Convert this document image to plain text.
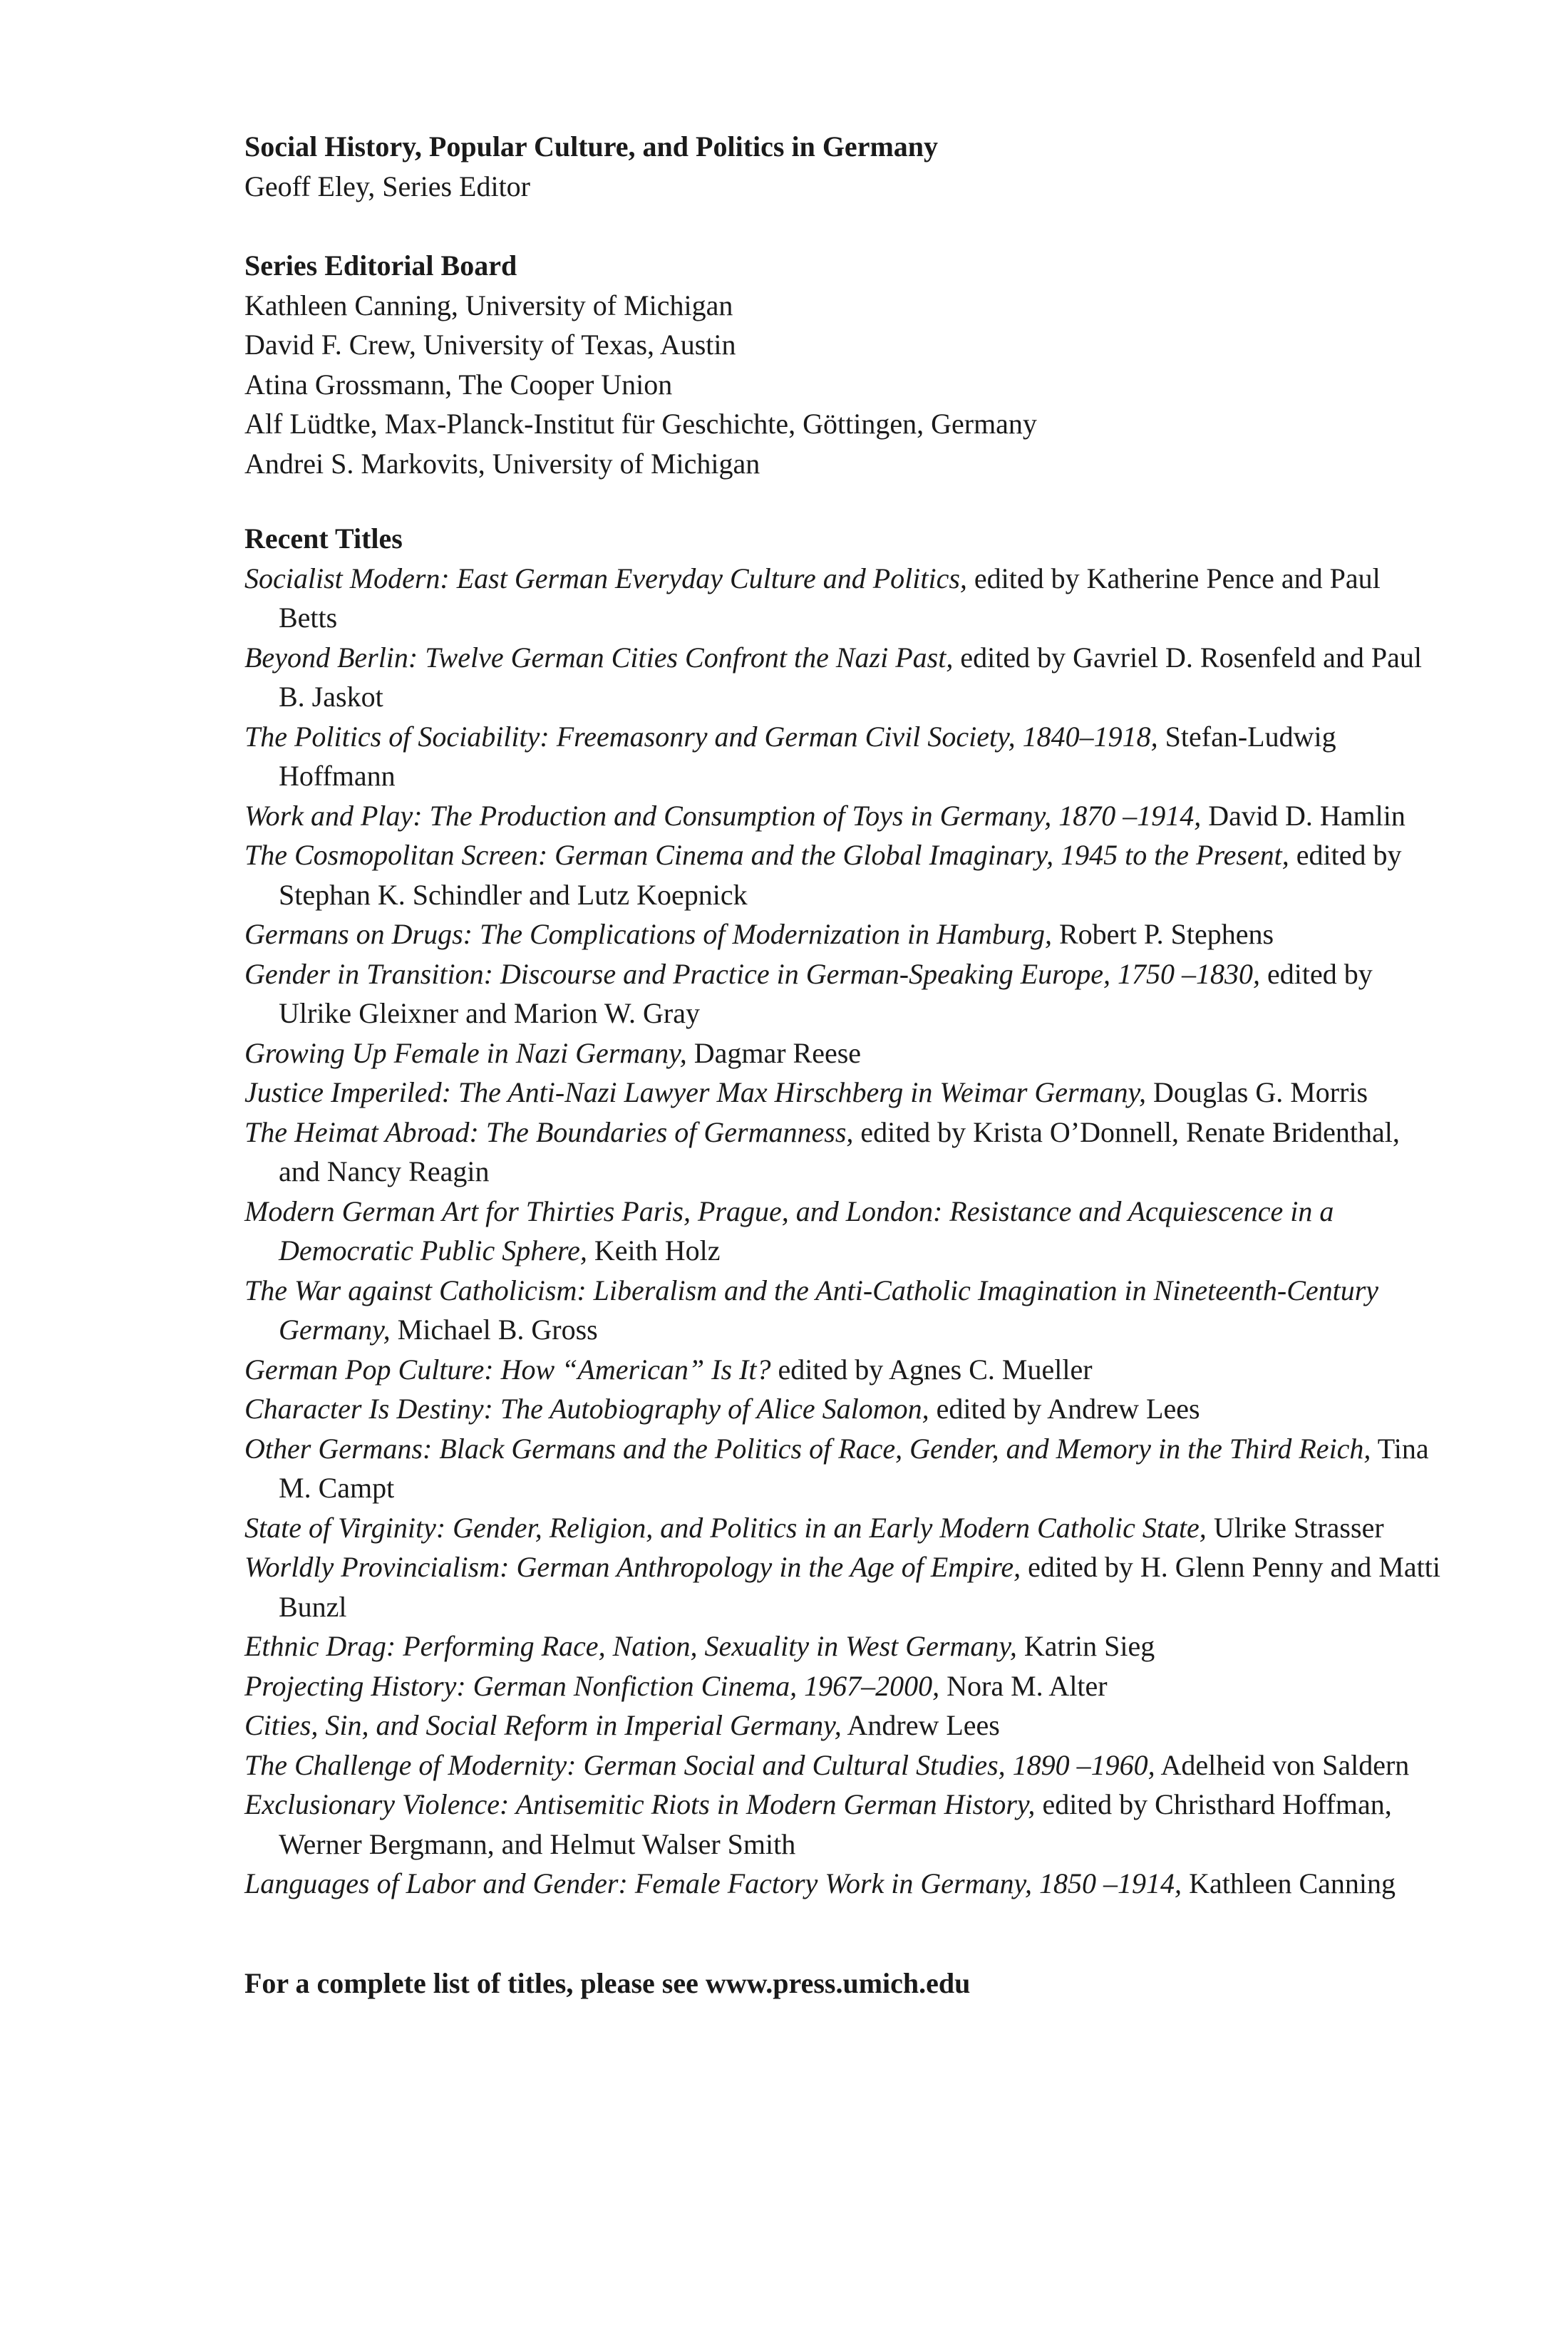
Social History, Popular Culture, and Politics in Germany
Geoff Eley, Series Editor
Series Editorial Board
Kathleen Canning, University of Michigan
David F. Crew, University of Texas, Austin
Atina Grossmann, The Cooper Union
Alf Lüdtke, Max-Planck-Institut für Geschichte, Göttingen, Germany
Andrei S. Markovits, University of Michigan
Recent Titles
Socialist Modern: East German Everyday Culture and Politics, edited by Katherine Pence and Paul Betts
Beyond Berlin: Twelve German Cities Confront the Nazi Past, edited by Gavriel D. Rosenfeld and Paul B. Jaskot
The Politics of Sociability: Freemasonry and German Civil Society, 1840–1918, Stefan-Ludwig Hoffmann
Work and Play: The Production and Consumption of Toys in Germany, 1870 –1914, David D. Hamlin
The Cosmopolitan Screen: German Cinema and the Global Imaginary, 1945 to the Present, edited by Stephan K. Schindler and Lutz Koepnick
Germans on Drugs: The Complications of Modernization in Hamburg, Robert P. Stephens
Gender in Transition: Discourse and Practice in German-Speaking Europe, 1750 –1830, edited by Ulrike Gleixner and Marion W. Gray
Growing Up Female in Nazi Germany, Dagmar Reese
Justice Imperiled: The Anti-Nazi Lawyer Max Hirschberg in Weimar Germany, Douglas G. Morris
The Heimat Abroad: The Boundaries of Germanness, edited by Krista O’Donnell, Renate Bridenthal, and Nancy Reagin
Modern German Art for Thirties Paris, Prague, and London: Resistance and Acquiescence in a Democratic Public Sphere, Keith Holz
The War against Catholicism: Liberalism and the Anti-Catholic Imagination in Nineteenth-Century Germany, Michael B. Gross
German Pop Culture: How “American” Is It? edited by Agnes C. Mueller
Character Is Destiny: The Autobiography of Alice Salomon, edited by Andrew Lees
Other Germans: Black Germans and the Politics of Race, Gender, and Memory in the Third Reich, Tina M. Campt
State of Virginity: Gender, Religion, and Politics in an Early Modern Catholic State, Ulrike Strasser
Worldly Provincialism: German Anthropology in the Age of Empire, edited by H. Glenn Penny and Matti Bunzl
Ethnic Drag: Performing Race, Nation, Sexuality in West Germany, Katrin Sieg
Projecting History: German Nonfiction Cinema, 1967–2000, Nora M. Alter
Cities, Sin, and Social Reform in Imperial Germany, Andrew Lees
The Challenge of Modernity: German Social and Cultural Studies, 1890 –1960, Adelheid von Saldern
Exclusionary Violence: Antisemitic Riots in Modern German History, edited by Christhard Hoffman, Werner Bergmann, and Helmut Walser Smith
Languages of Labor and Gender: Female Factory Work in Germany, 1850 –1914, Kathleen Canning
For a complete list of titles, please see www.press.umich.edu
